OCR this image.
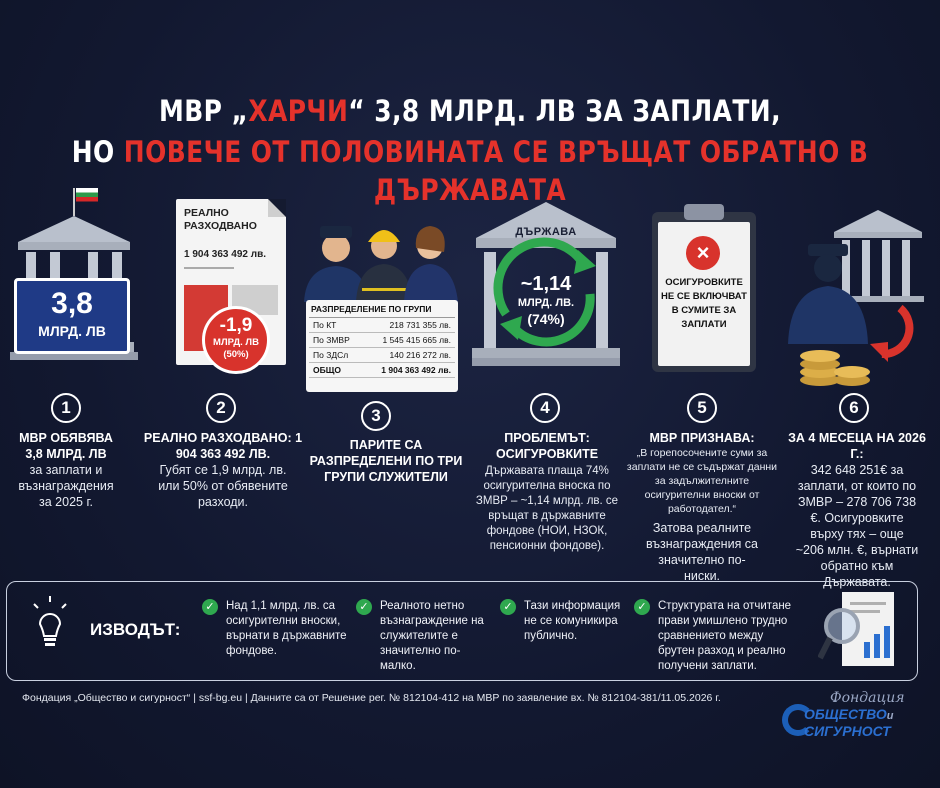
МВР „ХАРЧИ“ 3,8 МЛРД. ЛВ ЗА ЗАПЛАТИ,
НО ПОВЕЧЕ ОТ ПОЛОВИНАТА СЕ ВРЪЩАТ ОБРАТНО В ДЪРЖАВАТА
3,8
МЛРД. ЛВ
РЕАЛНО РАЗХОДВАНО
1 904 363 492 лв.
-1,9
МЛРД. ЛВ
(50%)
РАЗПРЕДЕЛЕНИЕ ПО ГРУПИ
По КТ	218 731 355 лв.
По ЗМВР	1 545 415 665 лв.
По ЗДСл	140 216 272 лв.
ОБЩО	1 904 363 492 лв.
ДЪРЖАВА
~1,14
МЛРД. ЛВ.
(74%)
×
ОСИГУРОВКИТЕ НЕ СЕ ВКЛЮЧВАТ В СУМИТЕ ЗА ЗАПЛАТИ
1	2	3	4	5	6
МВР ОБЯВЯВА 3,8 МЛРД. ЛВ
за заплати и възнаграждения за 2025 г.
РЕАЛНО РАЗХОДВАНО: 1 904 363 492 ЛВ.
Губят се 1,9 млрд. лв. или 50% от обявените разходи.
ПАРИТЕ СА РАЗПРЕДЕЛЕНИ ПО ТРИ ГРУПИ СЛУЖИТЕЛИ
ПРОБЛЕМЪТ: ОСИГУРОВКИТЕ
Държавата плаща 74% осигурителна вноска по ЗМВР – ~1,14 млрд. лв. се връщат в държавните фондове (НОИ, НЗОК, пенсионни фондове).
МВР ПРИЗНАВА:
„В горепосочените суми за заплати не се съдържат данни за задължителните осигурителни вноски от работодател.“
Затова реалните възнаграждения са значително по-ниски.
ЗА 4 МЕСЕЦА НА 2026 Г.:
342 648 251€ за заплати, от които по ЗМВР – 278 706 738 €. Осигуровките върху тях – още ~206 млн. €, върнати обратно към Държавата.
ИЗВОДЪТ:
✓ Над 1,1 млрд. лв. са осигурителни вноски, върнати в държавните фондове.
✓ Реалното нетно възнаграждение на служителите е значително по-малко.
✓ Тази информация не се комуникира публично.
✓ Структурата на отчитане прави умишлено трудно сравнението между брутен разход и реално получени заплати.
Фондация „Общество и сигурност“ | ssf-bg.eu | Данните са от Решение рег. № 812104-412 на МВР по заявление вх. № 812104-381/11.05.2026 г.	Фондация
ОБЩЕСТВОи
СИГУРНОСТ
